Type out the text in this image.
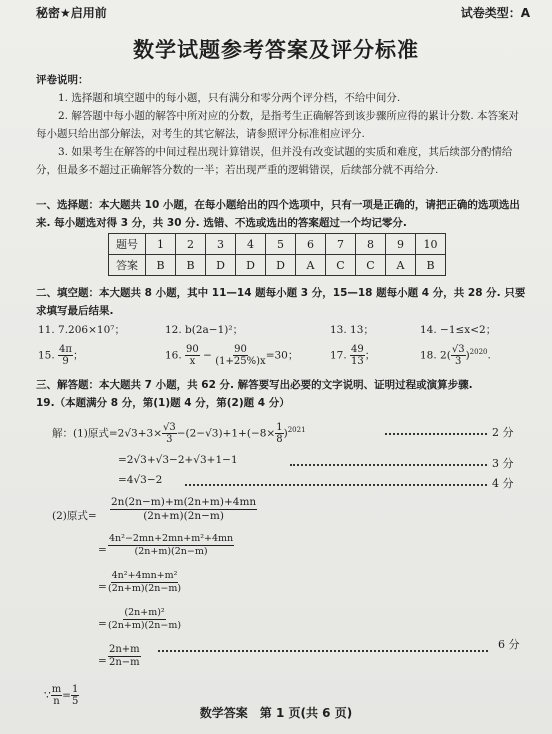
秘密★启用前	试卷类型：A
数学试题参考答案及评分标准
评卷说明：
1. 选择题和填空题中的每小题，只有满分和零分两个评分档，不给中间分.
2. 解答题中每小题的解答中所对应的分数，是指考生正确解答到该步骤所应得的累计分数. 本答案对每小题只给出部分解法，对考生的其它解法，请参照评分标准相应评分.
3. 如果考生在解答的中间过程出现计算错误，但并没有改变试题的实质和难度，其后续部分酌情给分，但最多不超过正确解答分数的一半；若出现严重的逻辑错误，后续部分就不再给分.
一、选择题：本大题共 10 小题，在每小题给出的四个选项中，只有一项是正确的，请把正确的选项选出来. 每小题选对得 3 分，共 30 分. 选错、不选或选出的答案超过一个均记零分.
题号	1	2	3	4	5	6	7	8	9	10
答案	B	B	D	D	D	A	C	C	A	B
二、填空题：本大题共 8 小题，其中 11—14 题每小题 3 分，15—18 题每小题 4 分，共 28 分. 只要求填写最后结果.
11. 7.206×10⁷；	12. b(2a−1)²；	13. 13；	14. −1≤x<2；
15. $\frac{4\pi}{9}$ ；	16. $\frac{90}{x} - \frac{90}{(1+25\%)x} =30$；	17. $\frac{49}{13}$ ；	18. $2( \frac{√3}{3} )^{2020}$.
三、解答题：本大题共 7 小题，共 62 分. 解答要写出必要的文字说明、证明过程或演算步骤.
19.（本题满分 8 分，第(1)题 4 分，第(2)题 4 分）
解：(1)原式$=2√3+3\times \frac{√3}{3} -(2-√3)+1+(-8\times \frac{1}{8} )^{2021}$	2 分
=2√3+√3−2+√3+1−1	3 分
=4√3−2	4 分
(2)原式= $\frac{2n(2n-m)+m(2n+m)+4mn}{(2n+m)(2n-m)}$
= $\frac{\text{4n²−2mn+2mn+m²+4mn}}{(2n+m)(2n-m)}$
= $\frac{\text{4n²+4mn+m²}}{(2n+m)(2n-m)}$
= $\frac{\text{(2n+m)²}}{(2n+m)(2n-m)}$
= $\frac{2n+m}{2n-m}$	6 分
∵ $\frac{m}{n} = \frac{1}{5}$
数学答案　第 1 页(共 6 页)
